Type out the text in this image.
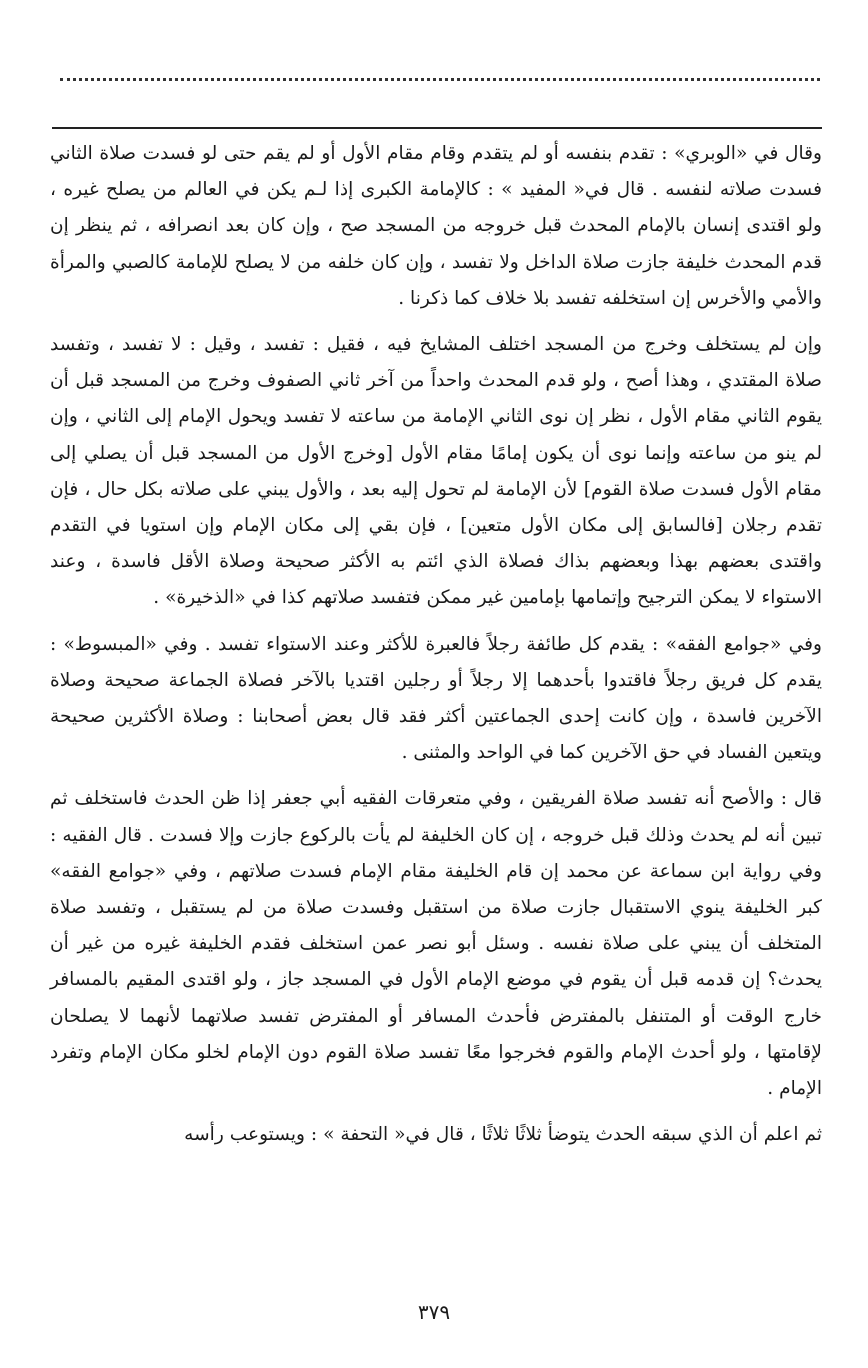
وقال في «الوبري» : تقدم بنفسه أو لم يتقدم وقام مقام الأول أو لم يقم حتى لو فسدت صلاة الثاني فسدت صلاته لنفسه . قال في« المفيد » : كالإمامة الكبرى إذا لـم يكن في العالم من يصلح غيره ، ولو اقتدى إنسان بالإمام المحدث قبل خروجه من المسجد صح ، وإن كان بعد انصرافه ، ثم ينظر إن قدم المحدث خليفة جازت صلاة الداخل ولا تفسد ، وإن كان خلفه من لا يصلح للإمامة كالصبي والمرأة والأمي والأخرس إن استخلفه تفسد بلا خلاف كما ذكرنا .

وإن لم يستخلف وخرج من المسجد اختلف المشايخ فيه ، فقيل : تفسد ، وقيل : لا تفسد ، وتفسد صلاة المقتدي ، وهذا أصح ، ولو قدم المحدث واحداً من آخر ثاني الصفوف وخرج من المسجد قبل أن يقوم الثاني مقام الأول ، نظر إن نوى الثاني الإمامة من ساعته لا تفسد ويحول الإمام إلى الثاني ، وإن لم ينو من ساعته وإنما نوى أن يكون إمامًا مقام الأول [وخرج الأول من المسجد قبل أن يصلي إلى مقام الأول فسدت صلاة القوم] لأن الإمامة لم تحول إليه بعد ، والأول يبني على صلاته بكل حال ، فإن تقدم رجلان [فالسابق إلى مكان الأول متعين] ، فإن بقي إلى مكان الإمام وإن استويا في التقدم واقتدى بعضهم بهذا وبعضهم بذاك فصلاة الذي ائتم به الأكثر صحيحة وصلاة الأقل فاسدة ، وعند الاستواء لا يمكن الترجيح وإتمامها بإمامين غير ممكن فتفسد صلاتهم كذا في «الذخيرة» .

وفي «جوامع الفقه» : يقدم كل طائفة رجلاً فالعبرة للأكثر وعند الاستواء تفسد . وفي «المبسوط» : يقدم كل فريق رجلاً فاقتدوا بأحدهما إلا رجلاً أو رجلين اقتديا بالآخر فصلاة الجماعة صحيحة وصلاة الآخرين فاسدة ، وإن كانت إحدى الجماعتين أكثر فقد قال بعض أصحابنا : وصلاة الأكثرين صحيحة ويتعين الفساد في حق الآخرين كما في الواحد والمثنى .

قال : والأصح أنه تفسد صلاة الفريقين ، وفي متعرقات الفقيه أبي جعفر إذا ظن الحدث فاستخلف ثم تبين أنه لم يحدث وذلك قبل خروجه ، إن كان الخليفة لم يأت بالركوع جازت وإلا فسدت . قال الفقيه : وفي رواية ابن سماعة عن محمد إن قام الخليفة مقام الإمام فسدت صلاتهم ، وفي «جوامع الفقه» كبر الخليفة ينوي الاستقبال جازت صلاة من استقبل وفسدت صلاة من لم يستقبل ، وتفسد صلاة المتخلف أن يبني على صلاة نفسه . وسئل أبو نصر عمن استخلف فقدم الخليفة غيره من غير أن يحدث؟ إن قدمه قبل أن يقوم في موضع الإمام الأول في المسجد جاز ، ولو اقتدى المقيم بالمسافر خارج الوقت أو المتنفل بالمفترض فأحدث المسافر أو المفترض تفسد صلاتهما لأنهما لا يصلحان لإقامتها ، ولو أحدث الإمام والقوم فخرجوا معًا تفسد صلاة القوم دون الإمام لخلو مكان الإمام وتفرد الإمام .

ثم اعلم أن الذي سبقه الحدث يتوضأ ثلاثًا ثلاثًا ، قال في« التحفة » : ويستوعب رأسه

٣٧٩
